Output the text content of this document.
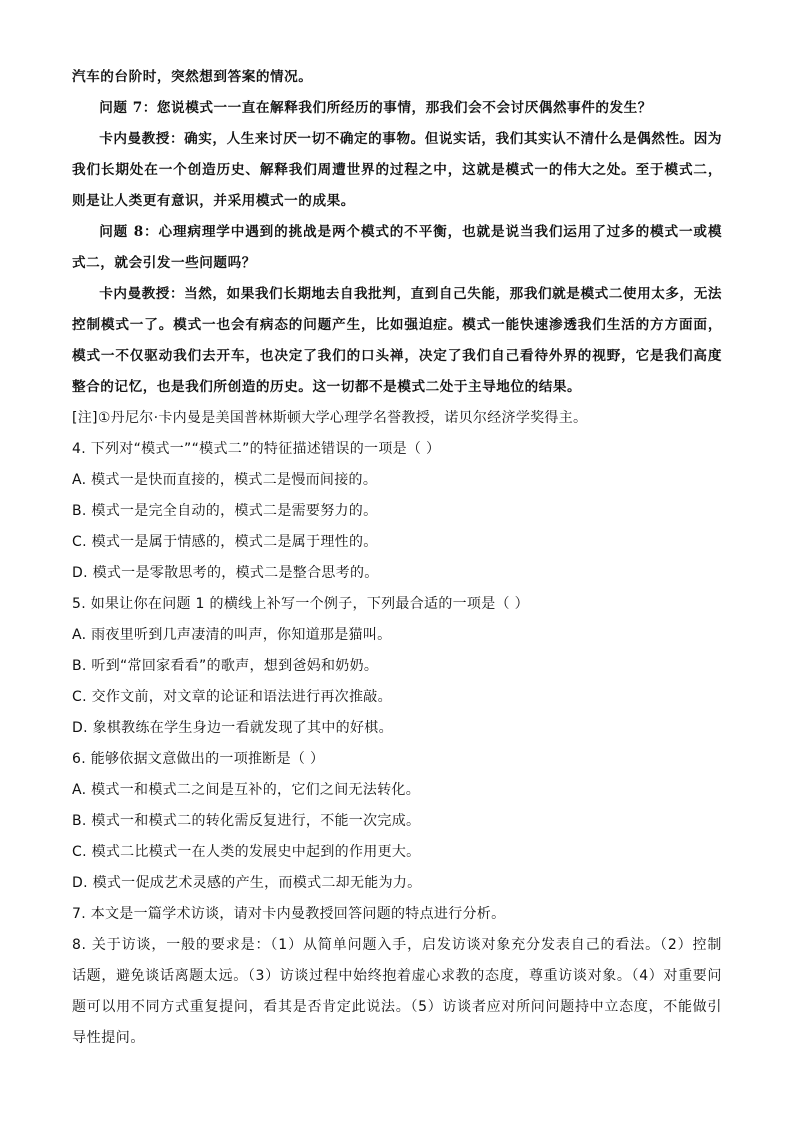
汽车的台阶时，突然想到答案的情况。

问题 7：您说模式一一直在解释我们所经历的事情，那我们会不会讨厌偶然事件的发生？

卡内曼教授：确实，人生来讨厌一切不确定的事物。但说实话，我们其实认不清什么是偶然性。因为我们长期处在一个创造历史、解释我们周遭世界的过程之中，这就是模式一的伟大之处。至于模式二，则是让人类更有意识，并采用模式一的成果。

问题 8：心理病理学中遇到的挑战是两个模式的不平衡，也就是说当我们运用了过多的模式一或模式二，就会引发一些问题吗？

卡内曼教授：当然，如果我们长期地去自我批判，直到自己失能，那我们就是模式二使用太多，无法控制模式一了。模式一也会有病态的问题产生，比如强迫症。模式一能快速渗透我们生活的方方面面，模式一不仅驱动我们去开车，也决定了我们的口头禅，决定了我们自己看待外界的视野，它是我们高度整合的记忆，也是我们所创造的历史。这一切都不是模式二处于主导地位的结果。

[注]①丹尼尔·卡内曼是美国普林斯顿大学心理学名誉教授，诺贝尔经济学奖得主。

4. 下列对“模式一”“模式二”的特征描述错误的一项是（ ）

A. 模式一是快而直接的，模式二是慢而间接的。

B. 模式一是完全自动的，模式二是需要努力的。

C. 模式一是属于情感的，模式二是属于理性的。

D. 模式一是零散思考的，模式二是整合思考的。

5. 如果让你在问题 1 的横线上补写一个例子，下列最合适的一项是（ ）

A. 雨夜里听到几声凄清的叫声，你知道那是猫叫。

B. 听到“常回家看看”的歌声，想到爸妈和奶奶。

C. 交作文前，对文章的论证和语法进行再次推敲。

D. 象棋教练在学生身边一看就发现了其中的好棋。

6. 能够依据文意做出的一项推断是（ ）

A. 模式一和模式二之间是互补的，它们之间无法转化。

B. 模式一和模式二的转化需反复进行，不能一次完成。

C. 模式二比模式一在人类的发展史中起到的作用更大。

D. 模式一促成艺术灵感的产生，而模式二却无能为力。

7. 本文是一篇学术访谈，请对卡内曼教授回答问题的特点进行分析。

8. 关于访谈，一般的要求是：（1）从简单问题入手，启发访谈对象充分发表自己的看法。（2）控制话题，避免谈话离题太远。（3）访谈过程中始终抱着虚心求教的态度，尊重访谈对象。（4）对重要问题可以用不同方式重复提问，看其是否肯定此说法。（5）访谈者应对所问问题持中立态度，不能做引导性提问。
